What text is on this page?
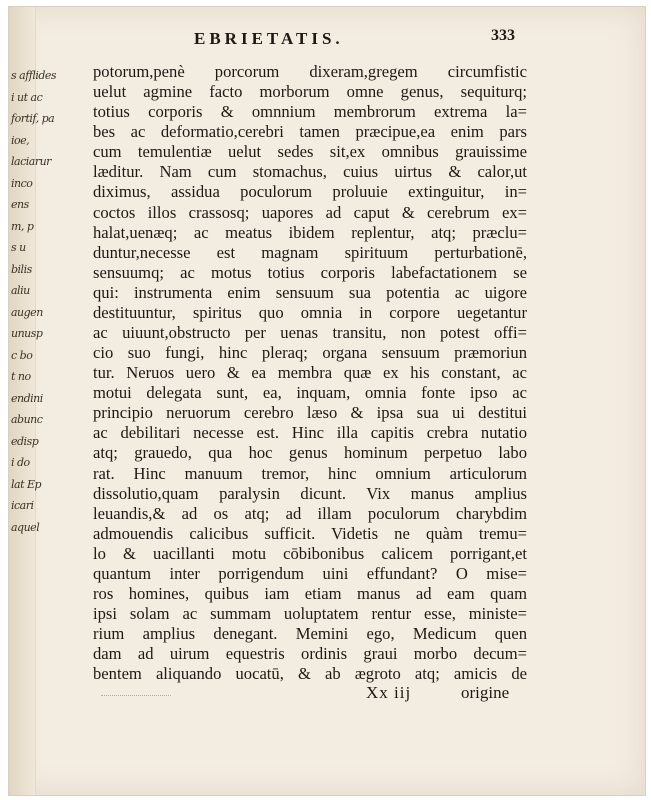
s afflides
i ut ac
fortif, pa
ioe,
laciarur
inco
ens
m, p
s u
bilis
aliu
augen
unusp
c bo
t no
endini
abunc
edisp
i do
lat Ep
icari
aquel
EBRIETATIS.	333
potorum,penè porcorum dixeram,gregem circumfistic
uelut agmine facto morborum omne genus, sequiturq;
totius corporis & omnnium membrorum extrema la=
bes ac deformatio,cerebri tamen præcipue,ea enim pars
cum temulentiæ uelut sedes sit,ex omnibus grauissime
læditur. Nam cum stomachus, cuius uirtus & calor,ut
diximus, assidua poculorum proluuie extinguitur, in=
coctos illos crassosq; uapores ad caput & cerebrum ex=
halat,uenæq; ac meatus ibidem replentur, atq; præclu=
duntur,necesse est magnam spirituum perturbationē,
sensuumq; ac motus totius corporis labefactationem se
qui: instrumenta enim sensuum sua potentia ac uigore
destituuntur, spiritus quo omnia in corpore uegetantur
ac uiuunt,obstructo per uenas transitu, non potest offi=
cio suo fungi, hinc pleraq; organa sensuum præmoriun
tur. Neruos uero & ea membra quæ ex his constant, ac
motui delegata sunt, ea, inquam, omnia fonte ipso ac
principio neruorum cerebro læso & ipsa sua ui destitui
ac debilitari necesse est. Hinc illa capitis crebra nutatio
atq; grauedo, qua hoc genus hominum perpetuo labo
rat. Hinc manuum tremor, hinc omnium articulorum
dissolutio,quam paralysin dicunt. Vix manus amplius
leuandis,& ad os atq; ad illam poculorum charybdim
admouendis calicibus sufficit. Videtis ne quàm tremu=
lo & uacillanti motu cōbibonibus calicem porrigant,et
quantum inter porrigendum uini effundant? O mise=
ros homines, quibus iam etiam manus ad eam quam
ipsi solam ac summam uoluptatem rentur esse, ministe=
rium amplius denegant. Memini ego, Medicum quen
dam ad uirum equestris ordinis graui morbo decum=
bentem aliquando uocatū, & ab ægroto atq; amicis de
Xx iij	origine
